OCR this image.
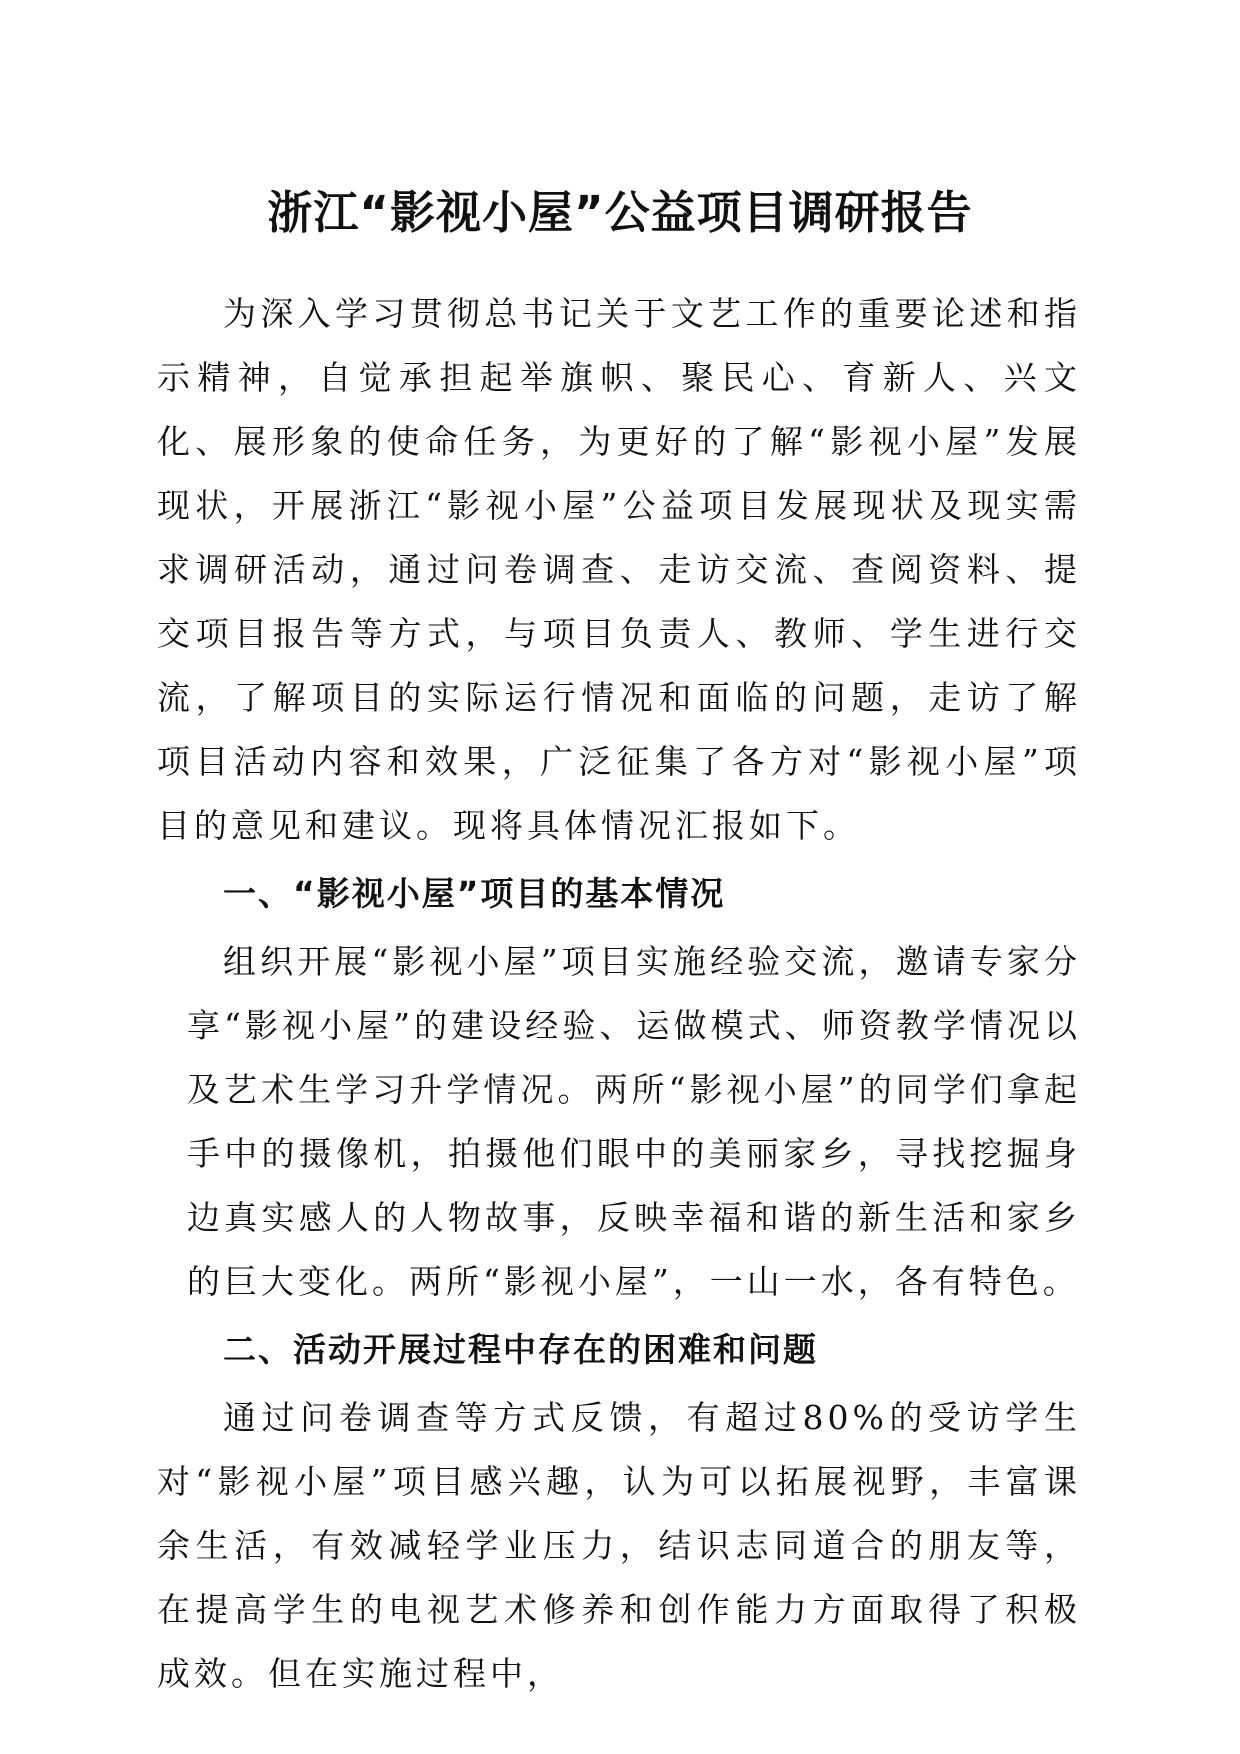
浙江“影视小屋”公益项目调研报告

为深入学习贯彻总书记关于文艺工作的重要论述和指示精神，自觉承担起举旗帜、聚民心、育新人、兴文化、展形象的使命任务，为更好的了解“影视小屋”发展现状，开展浙江“影视小屋”公益项目发展现状及现实需求调研活动，通过问卷调查、走访交流、查阅资料、提交项目报告等方式，与项目负责人、教师、学生进行交流，了解项目的实际运行情况和面临的问题，走访了解项目活动内容和效果，广泛征集了各方对“影视小屋”项目的意见和建议。现将具体情况汇报如下。

一、“影视小屋”项目的基本情况

组织开展“影视小屋”项目实施经验交流，邀请专家分享“影视小屋”的建设经验、运做模式、师资教学情况以及艺术生学习升学情况。两所“影视小屋”的同学们拿起手中的摄像机，拍摄他们眼中的美丽家乡，寻找挖掘身边真实感人的人物故事，反映幸福和谐的新生活和家乡的巨大变化。两所“影视小屋”，一山一水，各有特色。

二、活动开展过程中存在的困难和问题

通过问卷调查等方式反馈，有超过80%的受访学生对“影视小屋”项目感兴趣，认为可以拓展视野，丰富课余生活，有效减轻学业压力，结识志同道合的朋友等，在提高学生的电视艺术修养和创作能力方面取得了积极成效。但在实施过程中，
